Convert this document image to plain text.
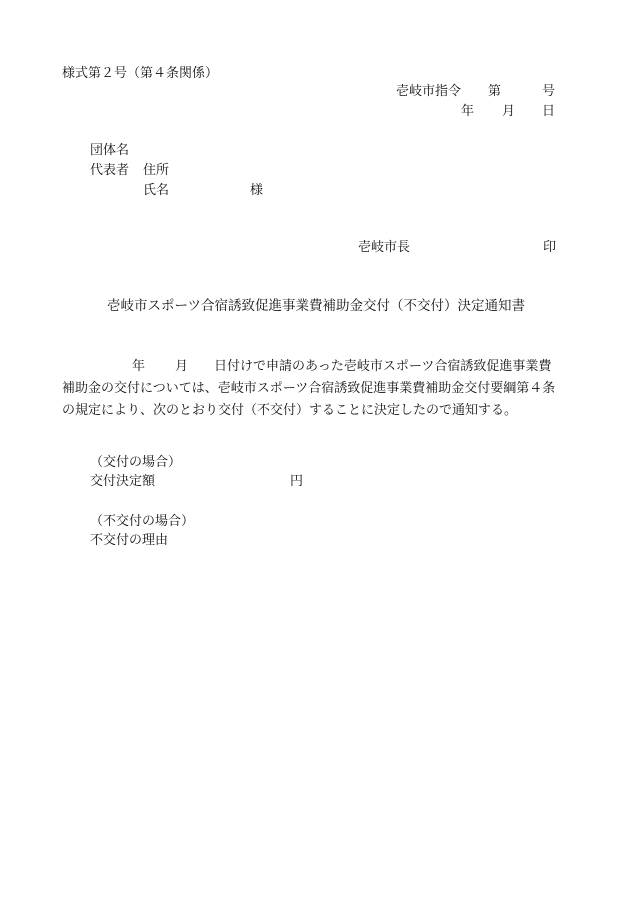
様式第２号（第４条関係）
壱岐市指令 第	号
年 月 日
団体名
代表者 住所
氏名	様
壱岐市長	印
壱岐市スポーツ合宿誘致促進事業費補助金交付（不交付）決定通知書
年 月 日付けで申請のあった壱岐市スポーツ合宿誘致促進事業費
補助金の交付については、壱岐市スポーツ合宿誘致促進事業費補助金交付要綱第４条
の規定により、次のとおり交付（不交付）することに決定したので通知する。
（交付の場合）
交付決定額	円
（不交付の場合）
不交付の理由
